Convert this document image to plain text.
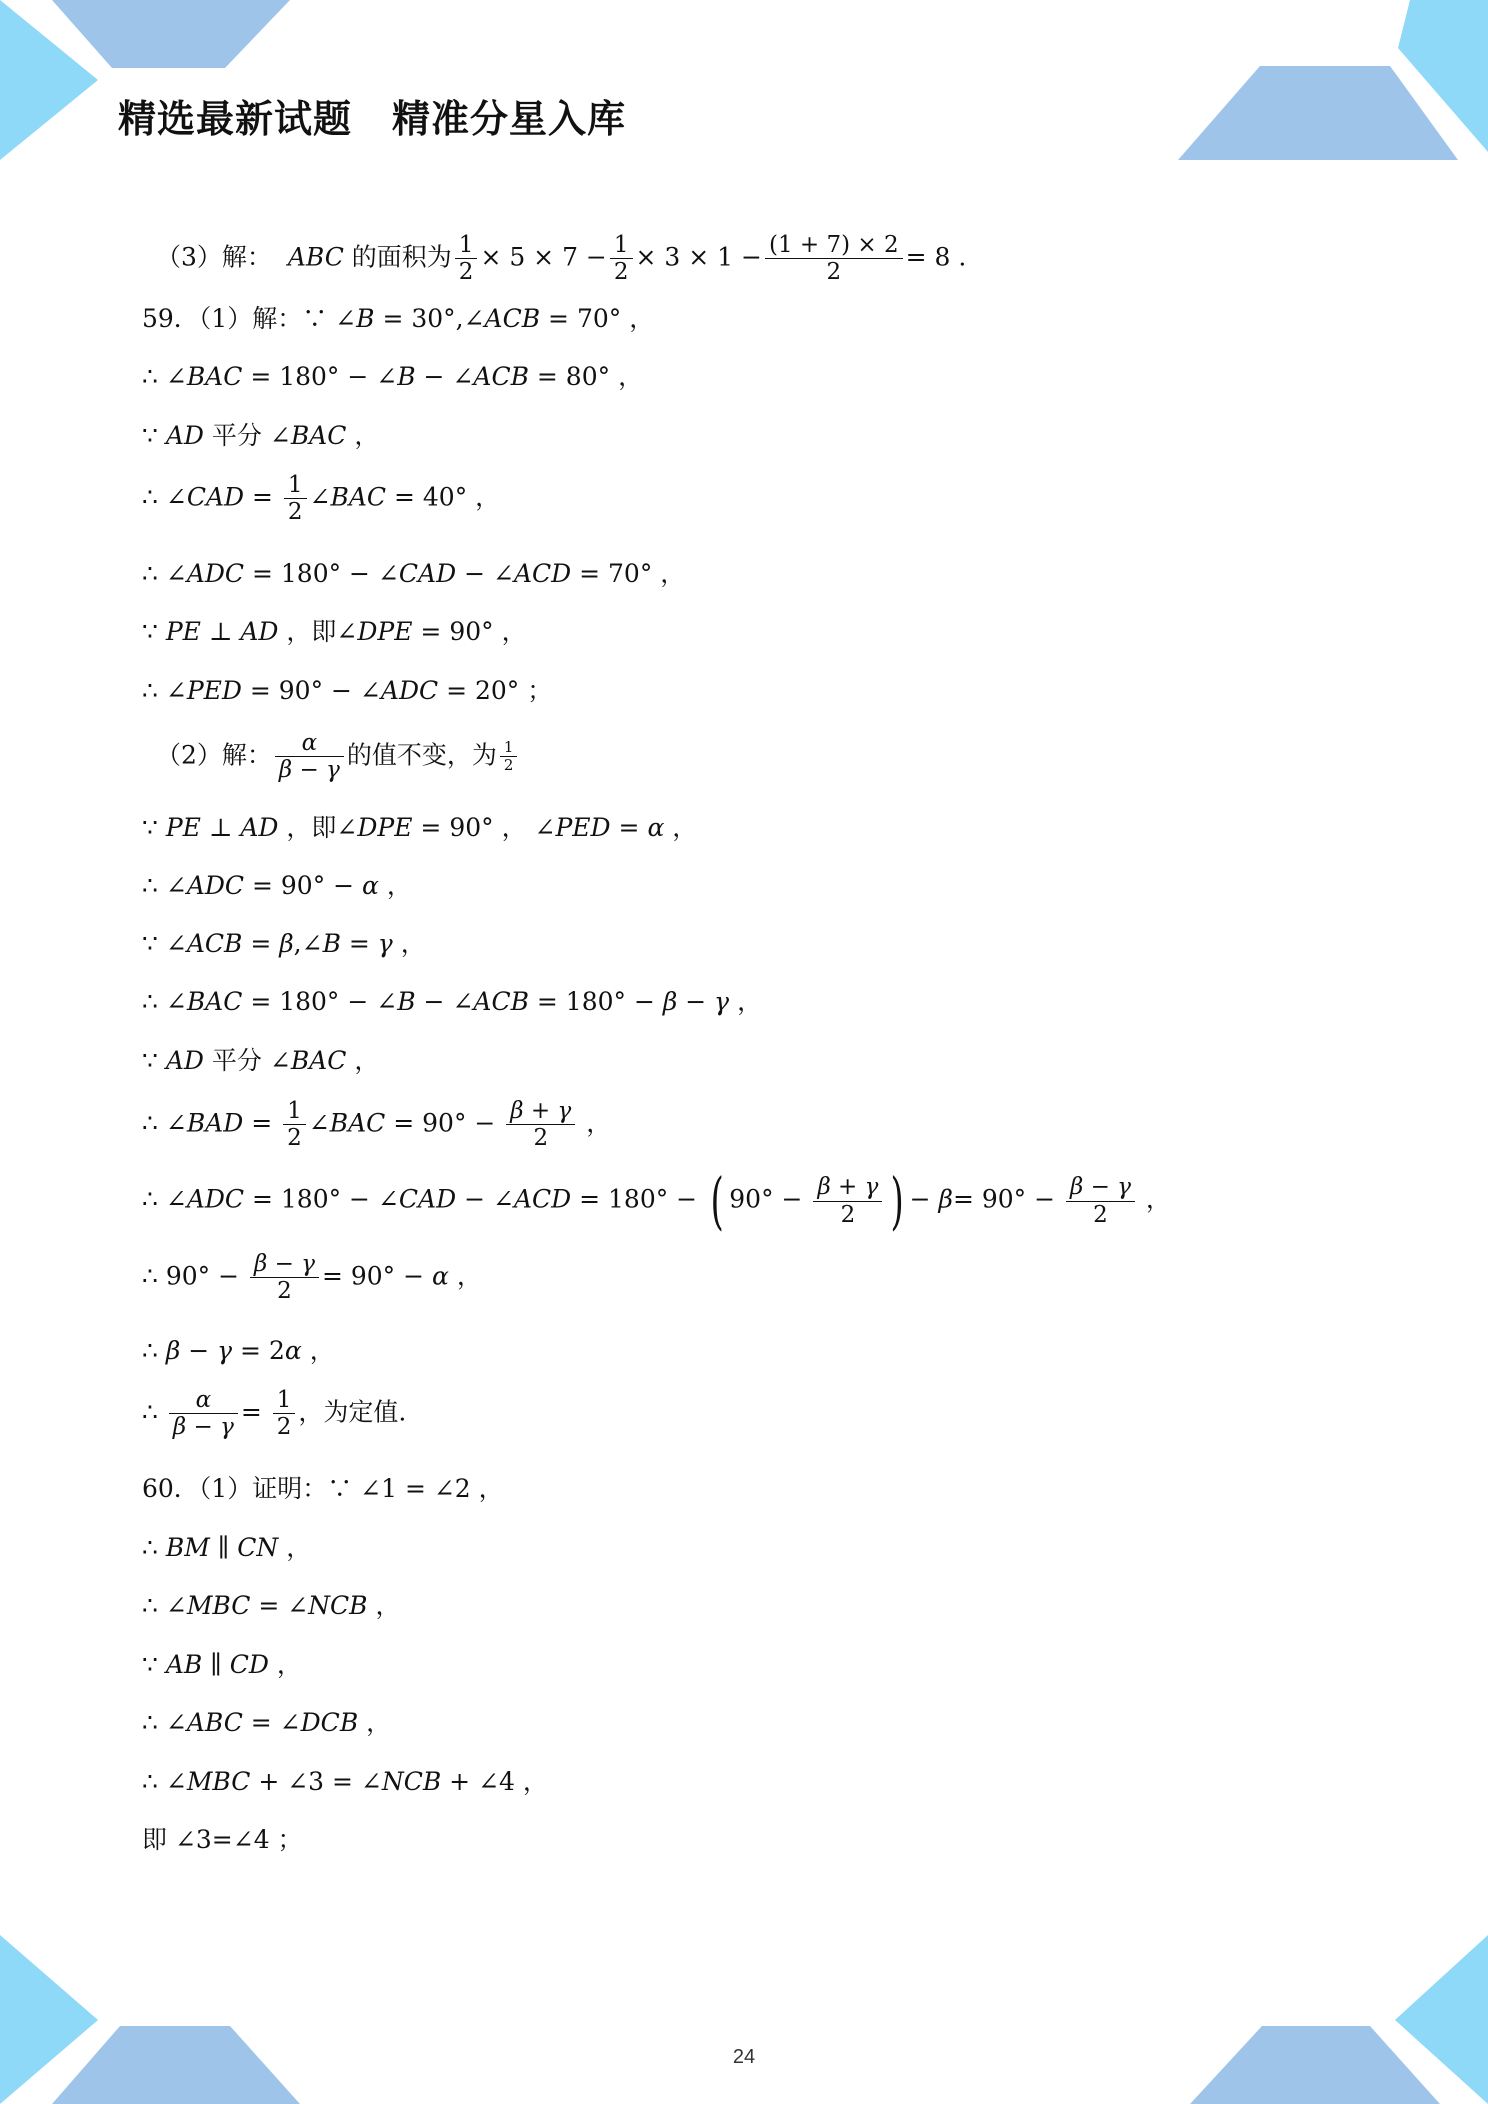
精选最新试题 精准分星入库
（3）解：  ABC 的面积为 $\frac{1}{2} \times 5 \times 7 - \frac{1}{2} \times 3 \times 1 - \frac{(1 + 7) \times 2}{2} = 8$ .
59．（1）解：∵ ∠B = 30°,∠ACB = 70° ，
∴ ∠BAC = 180° − ∠B − ∠ACB = 80° ，
∵ AD 平分 ∠BAC ，
∴ ∠CAD = $\frac{1}{2}$ ∠BAC = 40° ，
∴ ∠ADC = 180° − ∠CAD − ∠ACD = 70° ，
∵ PE ⊥ AD ，即∠DPE = 90° ，
∴ ∠PED = 90° − ∠ADC = 20° ；
（2）解： $\frac{\alpha}{\beta - \gamma}$ 的值不变，为 $\frac{1}{2}$
∵ PE ⊥ AD ，即∠DPE = 90° ， ∠PED = α ，
∴ ∠ADC = 90° − α ，
∵ ∠ACB = β,∠B = γ ，
∴ ∠BAC = 180° − ∠B − ∠ACB = 180° − β − γ ，
∵ AD 平分 ∠BAC ，
∴ ∠BAD = $\frac{1}{2}$ ∠BAC = $90^\circ - \frac{\beta + \gamma}{2}$ ，
∴ ∠ADC = 180° − ∠CAD − ∠ACD = 180° − ( $90^\circ - \frac{\beta + \gamma}{2}$ ) − $\beta= 90^\circ - \frac{\beta - \gamma}{2}$ ，
∴ $90^\circ - \frac{\beta - \gamma}{2} = 90^\circ - \alpha$ ，
∴ β − γ = 2α ，
∴ $\frac{\alpha}{\beta - \gamma} = \frac{1}{2}$ ，为定值.
60．（1）证明：∵ ∠1 = ∠2 ，
∴ BM ∥ CN ，
∴ ∠MBC = ∠NCB ，
∵ AB ∥ CD ，
∴ ∠ABC = ∠DCB ，
∴ ∠MBC + ∠3 = ∠NCB + ∠4 ，
即 ∠3=∠4 ；
24
